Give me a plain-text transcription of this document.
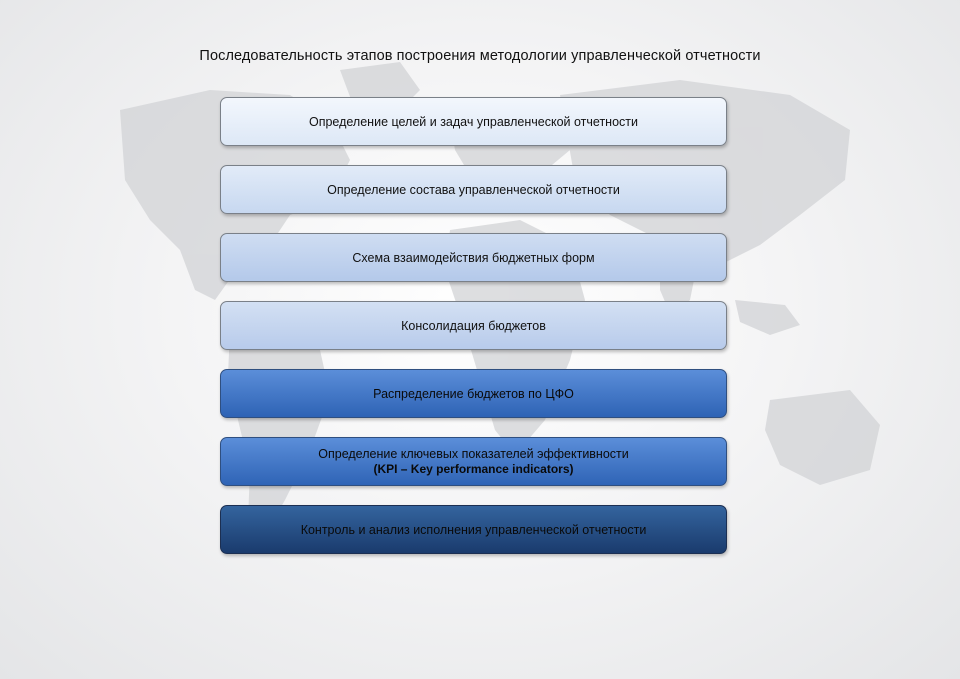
Последовательность этапов построения методологии управленческой отчетности
Определение целей и задач управленческой отчетности
Определение состава управленческой отчетности
Схема взаимодействия бюджетных форм
Консолидация бюджетов
Распределение бюджетов по ЦФО
Определение ключевых показателей эффективности
(KPI – Key performance indicators)
Контроль и анализ исполнения управленческой отчетности
